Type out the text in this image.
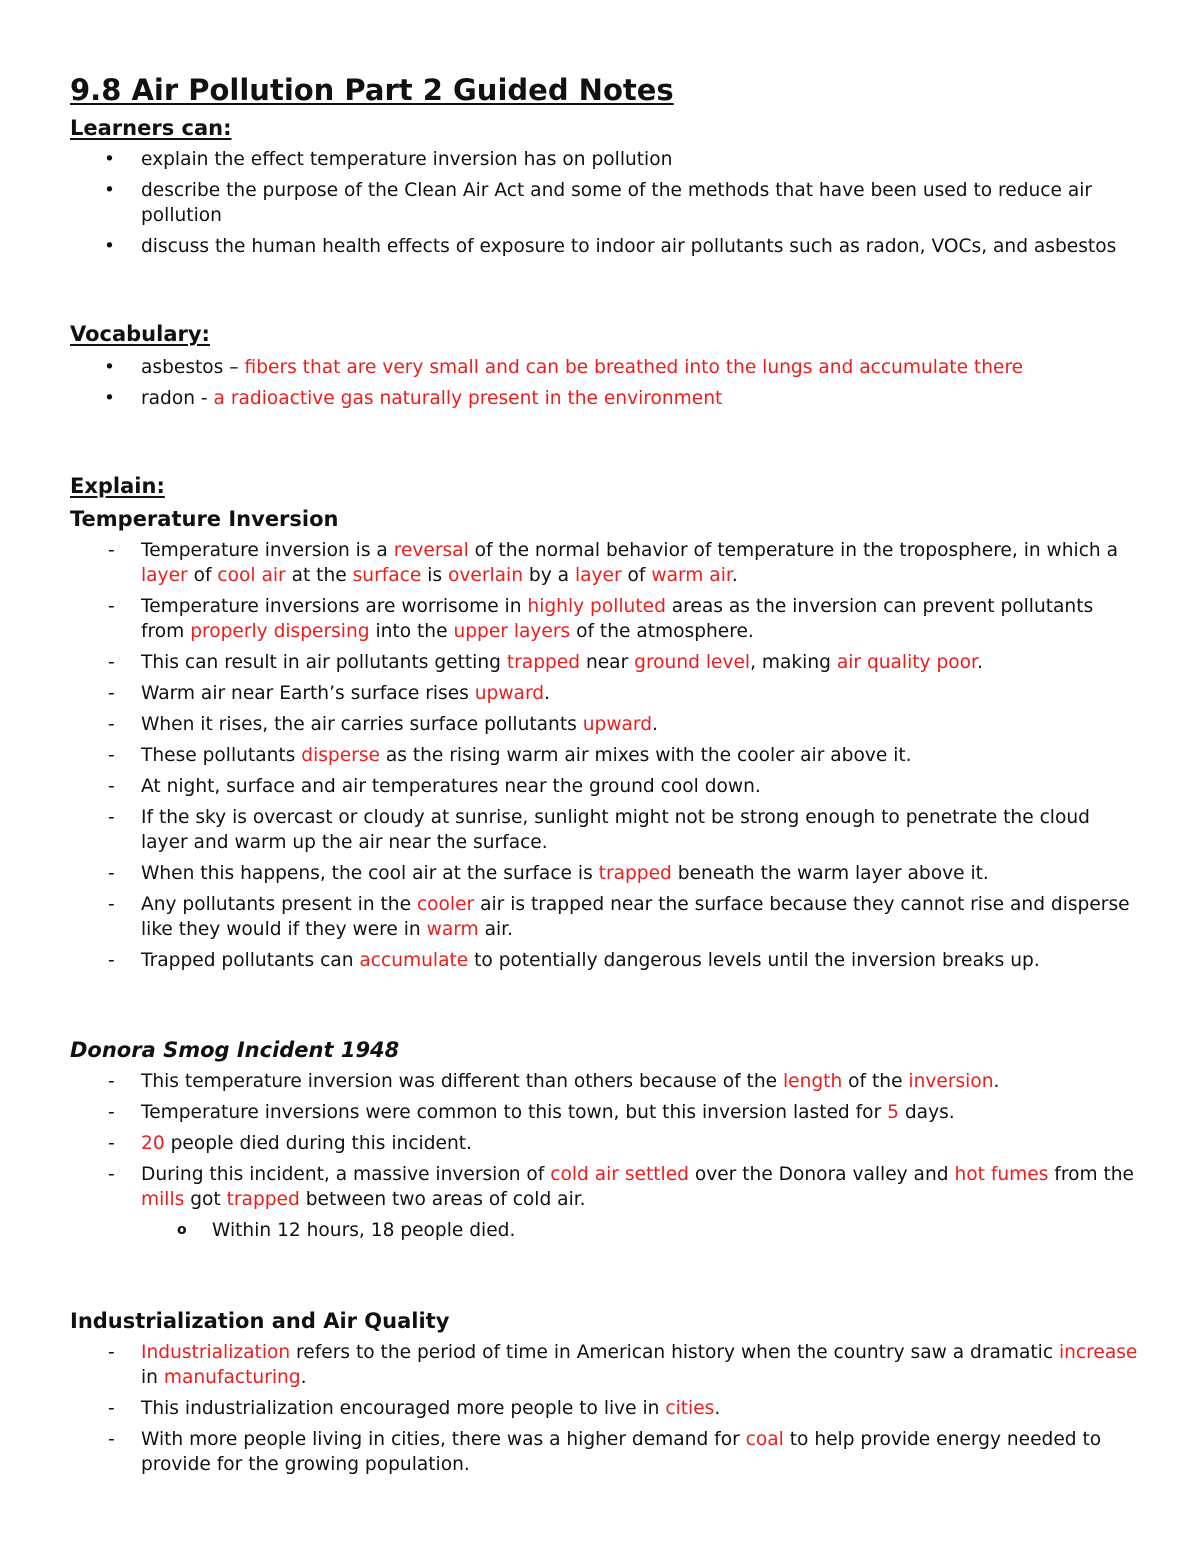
9.8 Air Pollution Part 2 Guided Notes
Learners can:
• explain the effect temperature inversion has on pollution
• describe the purpose of the Clean Air Act and some of the methods that have been used to reduce air pollution
• discuss the human health effects of exposure to indoor air pollutants such as radon, VOCs, and asbestos
Vocabulary:
• asbestos – fibers that are very small and can be breathed into the lungs and accumulate there
• radon - a radioactive gas naturally present in the environment
Explain:
Temperature Inversion
- Temperature inversion is a reversal of the normal behavior of temperature in the troposphere, in which a layer of cool air at the surface is overlain by a layer of warm air.
- Temperature inversions are worrisome in highly polluted areas as the inversion can prevent pollutants from properly dispersing into the upper layers of the atmosphere.
- This can result in air pollutants getting trapped near ground level, making air quality poor.
- Warm air near Earth’s surface rises upward.
- When it rises, the air carries surface pollutants upward.
- These pollutants disperse as the rising warm air mixes with the cooler air above it.
- At night, surface and air temperatures near the ground cool down.
- If the sky is overcast or cloudy at sunrise, sunlight might not be strong enough to penetrate the cloud layer and warm up the air near the surface.
- When this happens, the cool air at the surface is trapped beneath the warm layer above it.
- Any pollutants present in the cooler air is trapped near the surface because they cannot rise and disperse like they would if they were in warm air.
- Trapped pollutants can accumulate to potentially dangerous levels until the inversion breaks up.
Donora Smog Incident 1948
- This temperature inversion was different than others because of the length of the inversion.
- Temperature inversions were common to this town, but this inversion lasted for 5 days.
- 20 people died during this incident.
- During this incident, a massive inversion of cold air settled over the Donora valley and hot fumes from the mills got trapped between two areas of cold air.
o Within 12 hours, 18 people died.
Industrialization and Air Quality
- Industrialization refers to the period of time in American history when the country saw a dramatic increase in manufacturing.
- This industrialization encouraged more people to live in cities.
- With more people living in cities, there was a higher demand for coal to help provide energy needed to provide for the growing population.
